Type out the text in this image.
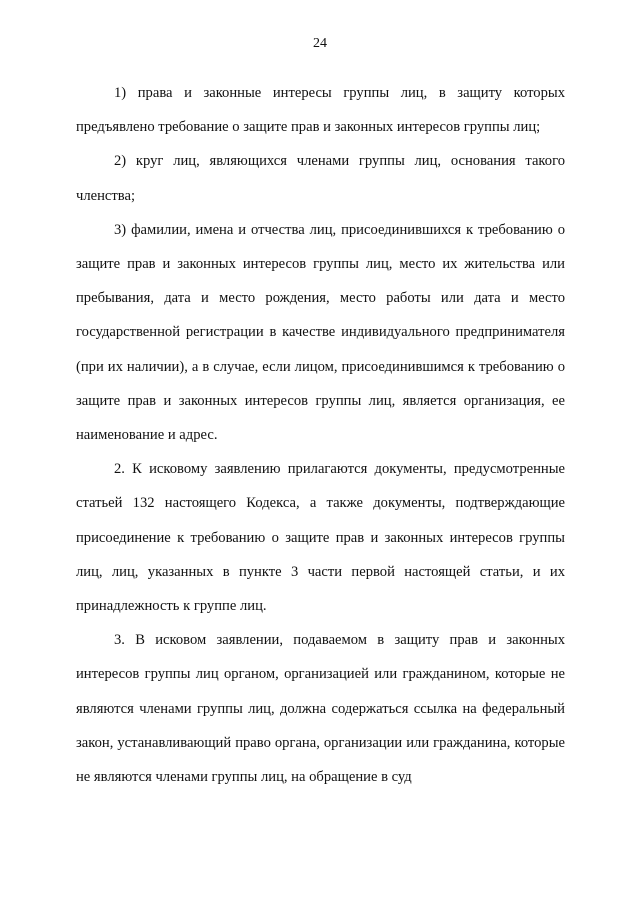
24

1) права и законные интересы группы лиц, в защиту которых предъявлено требование о защите прав и законных интересов группы лиц;

2) круг лиц, являющихся членами группы лиц, основания такого членства;

3) фамилии, имена и отчества лиц, присоединившихся к требованию о защите прав и законных интересов группы лиц, место их жительства или пребывания, дата и место рождения, место работы или дата и место государственной регистрации в качестве индивидуального предпринимателя (при их наличии), а в случае, если лицом, присоединившимся к требованию о защите прав и законных интересов группы лиц, является организация, ее наименование и адрес.

2. К исковому заявлению прилагаются документы, предусмотренные статьей 132 настоящего Кодекса, а также документы, подтверждающие присоединение к требованию о защите прав и законных интересов группы лиц, лиц, указанных в пункте 3 части первой настоящей статьи, и их принадлежность к группе лиц.

3. В исковом заявлении, подаваемом в защиту прав и законных интересов группы лиц органом, организацией или гражданином, которые не являются членами группы лиц, должна содержаться ссылка на федеральный закон, устанавливающий право органа, организации или гражданина, которые не являются членами группы лиц, на обращение в суд
